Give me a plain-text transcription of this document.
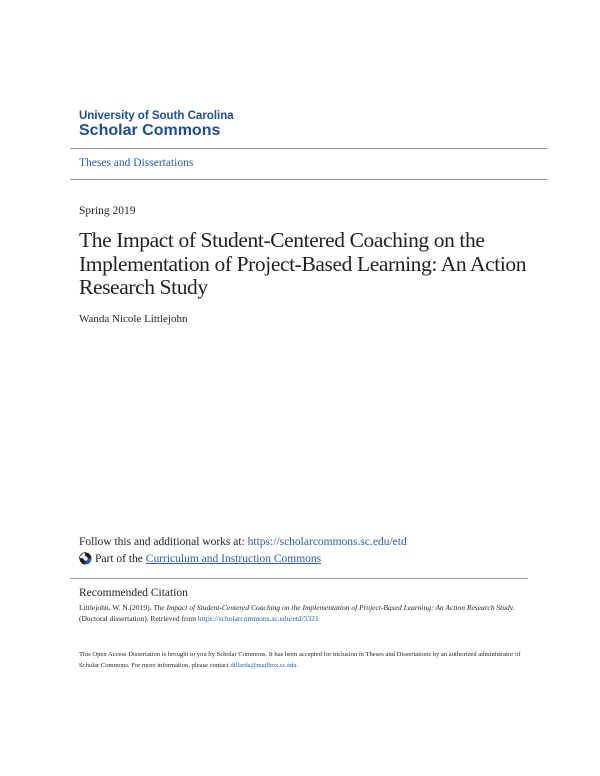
University of South Carolina
Scholar Commons
Theses and Dissertations
Spring 2019
The Impact of Student-Centered Coaching on the Implementation of Project-Based Learning: An Action Research Study
Wanda Nicole Littlejohn
Follow this and additional works at: https://scholarcommons.sc.edu/etd
Part of the
Curriculum and Instruction Commons
Recommended Citation
Littlejohn, W. N.(2019). The Impact of Student-Centered Coaching on the Implementation of Project-Based Learning: An Action Research Study. (Doctoral dissertation). Retrieved from https://scholarcommons.sc.edu/etd/5321
This Open Access Dissertation is brought to you by Scholar Commons. It has been accepted for inclusion in Theses and Dissertations by an authorized administrator of Scholar Commons. For more information, please contact dillarda@mailbox.sc.edu.
